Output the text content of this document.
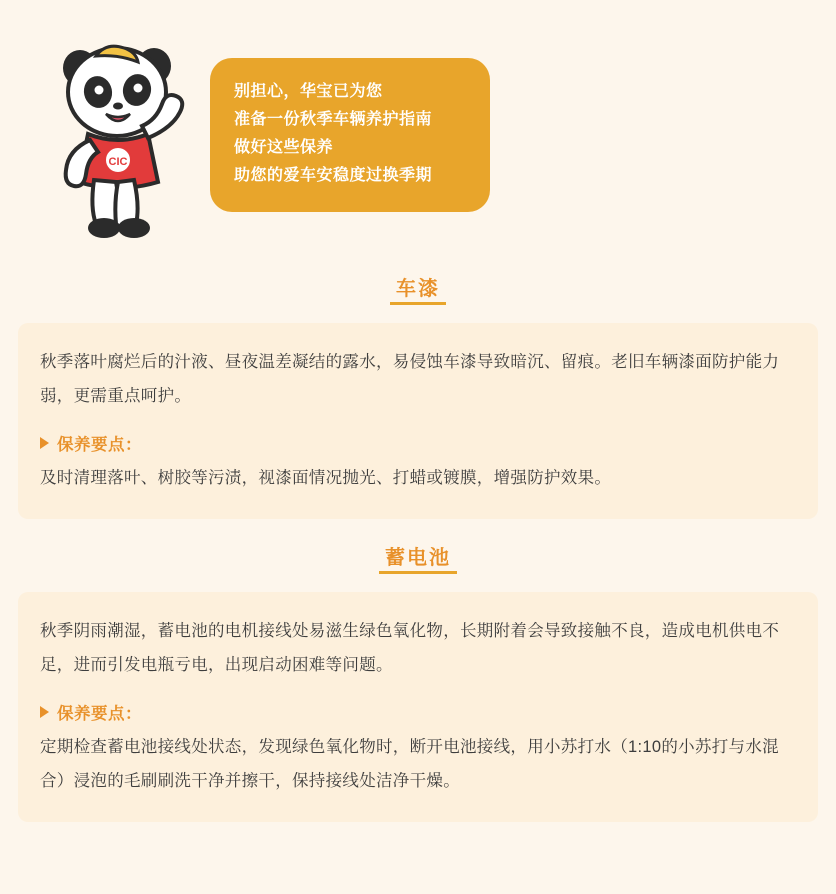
CIC
别担心，华宝已为您
准备一份秋季车辆养护指南
做好这些保养
助您的爱车安稳度过换季期
车漆

秋季落叶腐烂后的汁液、昼夜温差凝结的露水，易侵蚀车漆导致暗沉、留痕。老旧车辆漆面防护能力弱，更需重点呵护。

保养要点：

及时清理落叶、树胶等污渍，视漆面情况抛光、打蜡或镀膜，增强防护效果。

蓄电池

秋季阴雨潮湿，蓄电池的电机接线处易滋生绿色氧化物，长期附着会导致接触不良，造成电机供电不足，进而引发电瓶亏电，出现启动困难等问题。

保养要点：

定期检查蓄电池接线处状态，发现绿色氧化物时，断开电池接线，用小苏打水（1:10的小苏打与水混合）浸泡的毛刷刷洗干净并擦干，保持接线处洁净干燥。
